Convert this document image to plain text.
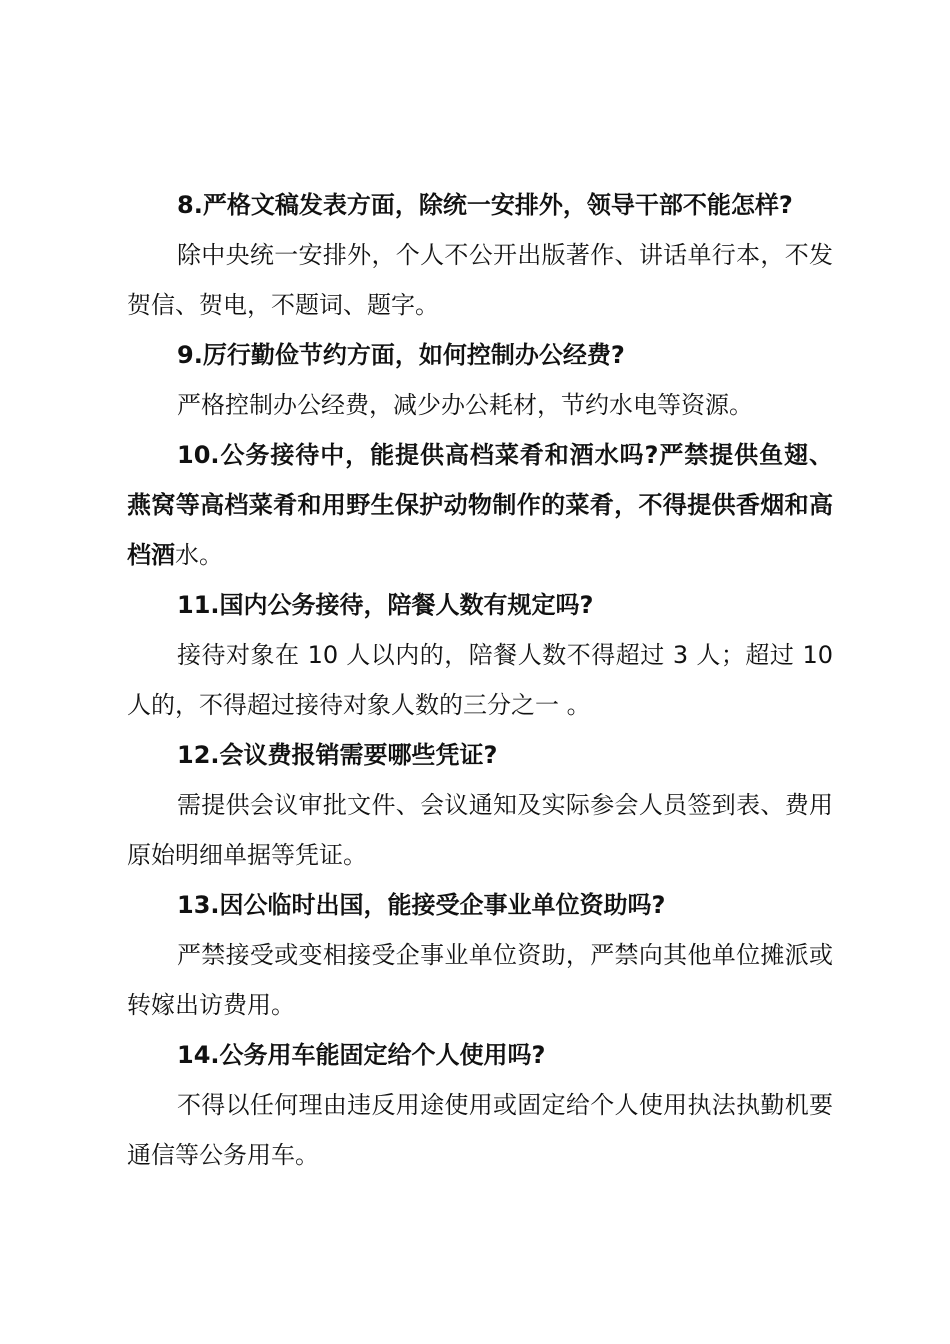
8.严格文稿发表方面，除统一安排外，领导干部不能怎样?

除中央统一安排外，个人不公开出版著作、讲话单行本，不发贺信、贺电，不题词、题字。

9.厉行勤俭节约方面，如何控制办公经费?

严格控制办公经费，减少办公耗材，节约水电等资源。

10.公务接待中，能提供高档菜肴和酒水吗?严禁提供鱼翅、燕窝等高档菜肴和用野生保护动物制作的菜肴，不得提供香烟和高档酒水。

11.国内公务接待，陪餐人数有规定吗?

接待对象在 10 人以内的，陪餐人数不得超过 3 人；超过 10 人的，不得超过接待对象人数的三分之一 。

12.会议费报销需要哪些凭证?

需提供会议审批文件、会议通知及实际参会人员签到表、费用原始明细单据等凭证。

13.因公临时出国，能接受企事业单位资助吗?

严禁接受或变相接受企事业单位资助，严禁向其他单位摊派或转嫁出访费用。

14.公务用车能固定给个人使用吗?

不得以任何理由违反用途使用或固定给个人使用执法执勤机要通信等公务用车。
